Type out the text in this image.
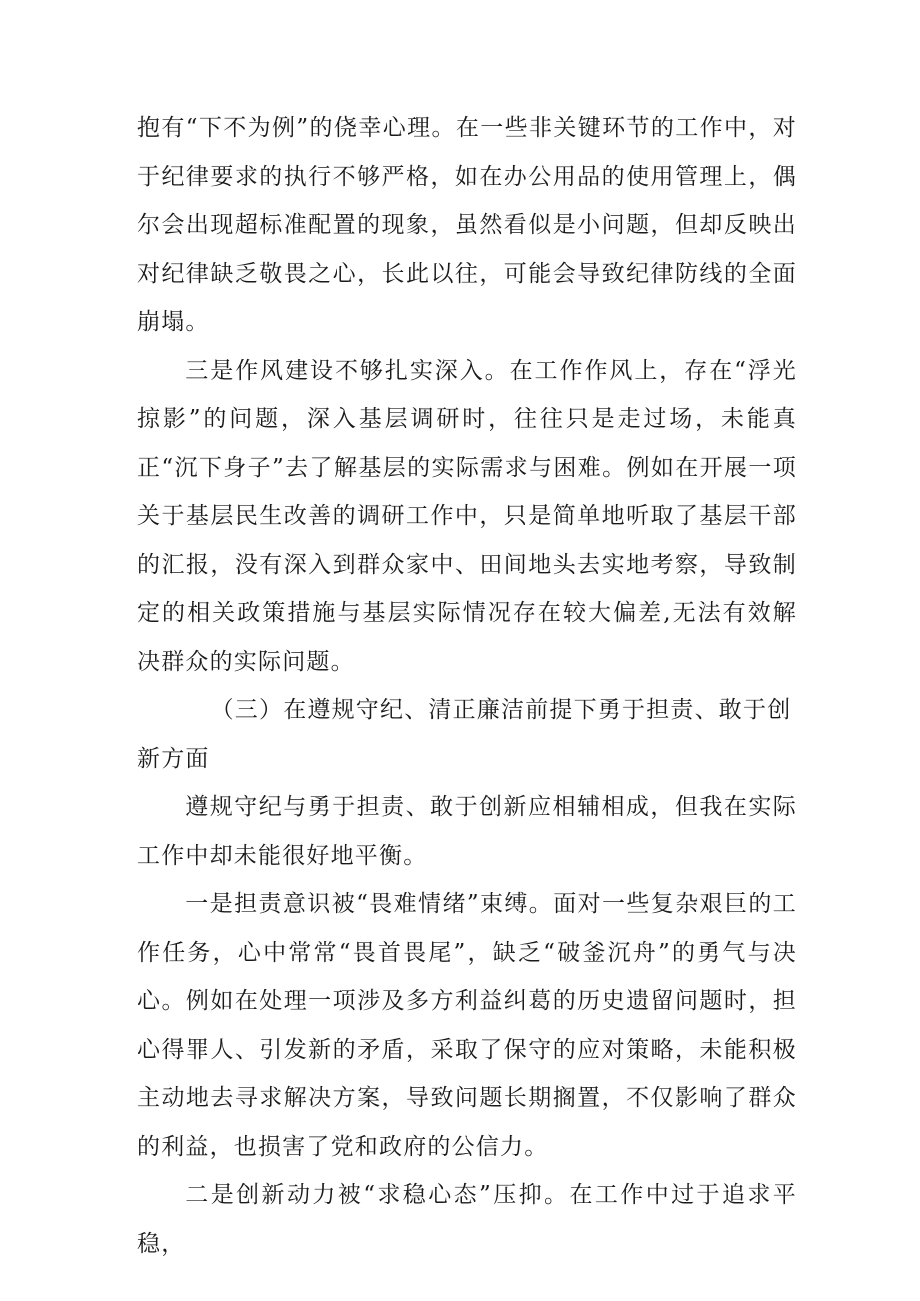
抱有“下不为例”的侥幸心理。在一些非关键环节的工作中，对于纪律要求的执行不够严格，如在办公用品的使用管理上，偶尔会出现超标准配置的现象，虽然看似是小问题，但却反映出对纪律缺乏敬畏之心，长此以往，可能会导致纪律防线的全面崩塌。

三是作风建设不够扎实深入。在工作作风上，存在“浮光掠影”的问题，深入基层调研时，往往只是走过场，未能真正“沉下身子”去了解基层的实际需求与困难。例如在开展一项关于基层民生改善的调研工作中，只是简单地听取了基层干部的汇报，没有深入到群众家中、田间地头去实地考察，导致制定的相关政策措施与基层实际情况存在较大偏差,无法有效解决群众的实际问题。

（三）在遵规守纪、清正廉洁前提下勇于担责、敢于创新方面

遵规守纪与勇于担责、敢于创新应相辅相成，但我在实际工作中却未能很好地平衡。

一是担责意识被“畏难情绪”束缚。面对一些复杂艰巨的工作任务，心中常常“畏首畏尾”，缺乏“破釜沉舟”的勇气与决心。例如在处理一项涉及多方利益纠葛的历史遗留问题时，担心得罪人、引发新的矛盾，采取了保守的应对策略，未能积极主动地去寻求解决方案，导致问题长期搁置，不仅影响了群众的利益，也损害了党和政府的公信力。

二是创新动力被“求稳心态”压抑。在工作中过于追求平稳，
